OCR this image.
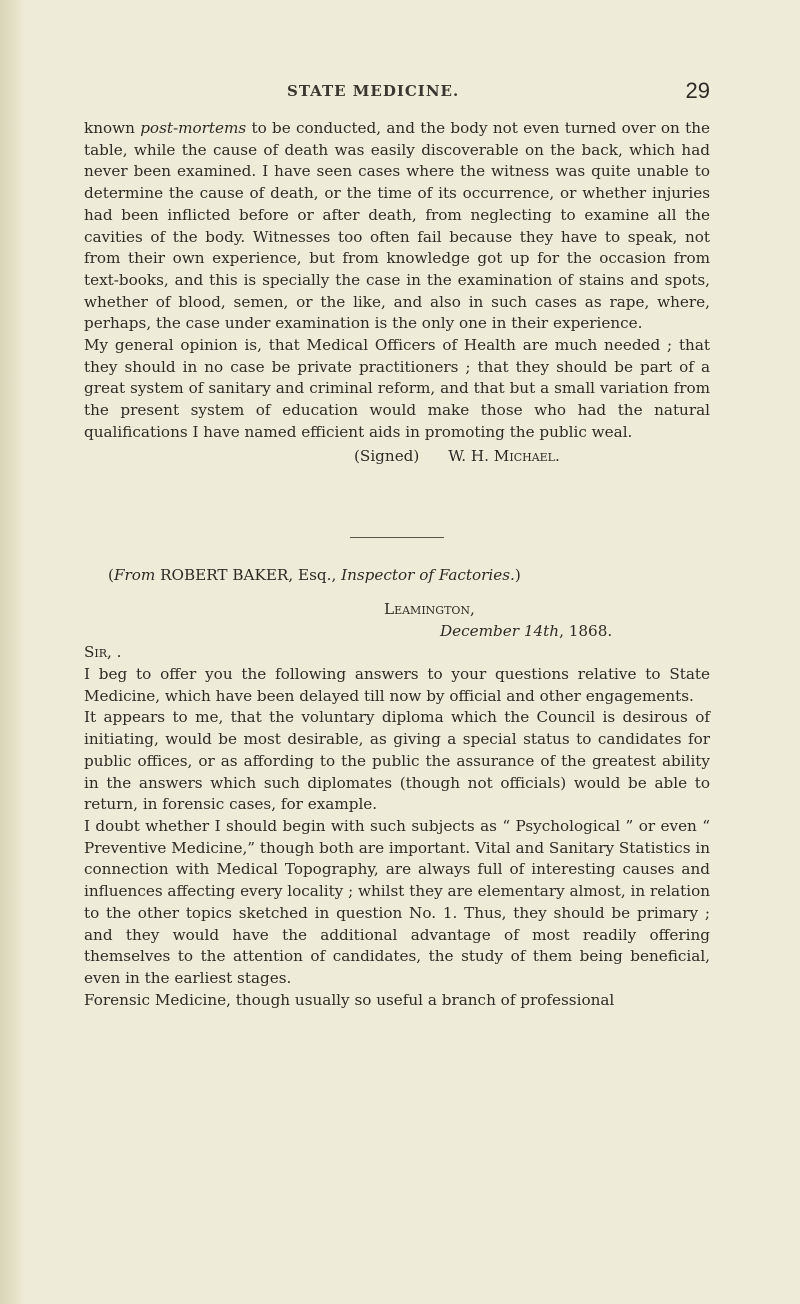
STATE MEDICINE.	29

known post-mortems to be conducted, and the body not even turned over on the table, while the cause of death was easily discoverable on the back, which had never been examined. I have seen cases where the witness was quite unable to determine the cause of death, or the time of its occurrence, or whether injuries had been inflicted before or after death, from neglecting to examine all the cavities of the body. Witnesses too often fail because they have to speak, not from their own experience, but from knowledge got up for the occasion from text-books, and this is specially the case in the examination of stains and spots, whether of blood, semen, or the like, and also in such cases as rape, where, perhaps, the case under examination is the only one in their experience.

My general opinion is, that Medical Officers of Health are much needed ; that they should in no case be private practitioners ; that they should be part of a great system of sanitary and criminal reform, and that but a small variation from the present system of education would make those who had the natural qualifications I have named efficient aids in promoting the public weal.

(Signed) W. H. Michael.
(From ROBERT BAKER, Esq., Inspector of Factories.)
Leamington,
December 14th, 1868.
Sir, .

I beg to offer you the following answers to your questions relative to State Medicine, which have been delayed till now by official and other engagements.

It appears to me, that the voluntary diploma which the Council is desirous of initiating, would be most desirable, as giving a special status to candidates for public offices, or as affording to the public the assurance of the greatest ability in the answers which such diplomates (though not officials) would be able to return, in forensic cases, for example.

I doubt whether I should begin with such subjects as “ Psychological ” or even “ Preventive Medicine,” though both are important. Vital and Sanitary Statistics in connection with Medical Topography, are always full of interesting causes and influences affecting every locality ; whilst they are elementary almost, in relation to the other topics sketched in question No. 1. Thus, they should be primary ; and they would have the additional advantage of most readily offering themselves to the attention of candidates, the study of them being beneficial, even in the earliest stages.

Forensic Medicine, though usually so useful a branch of professional
